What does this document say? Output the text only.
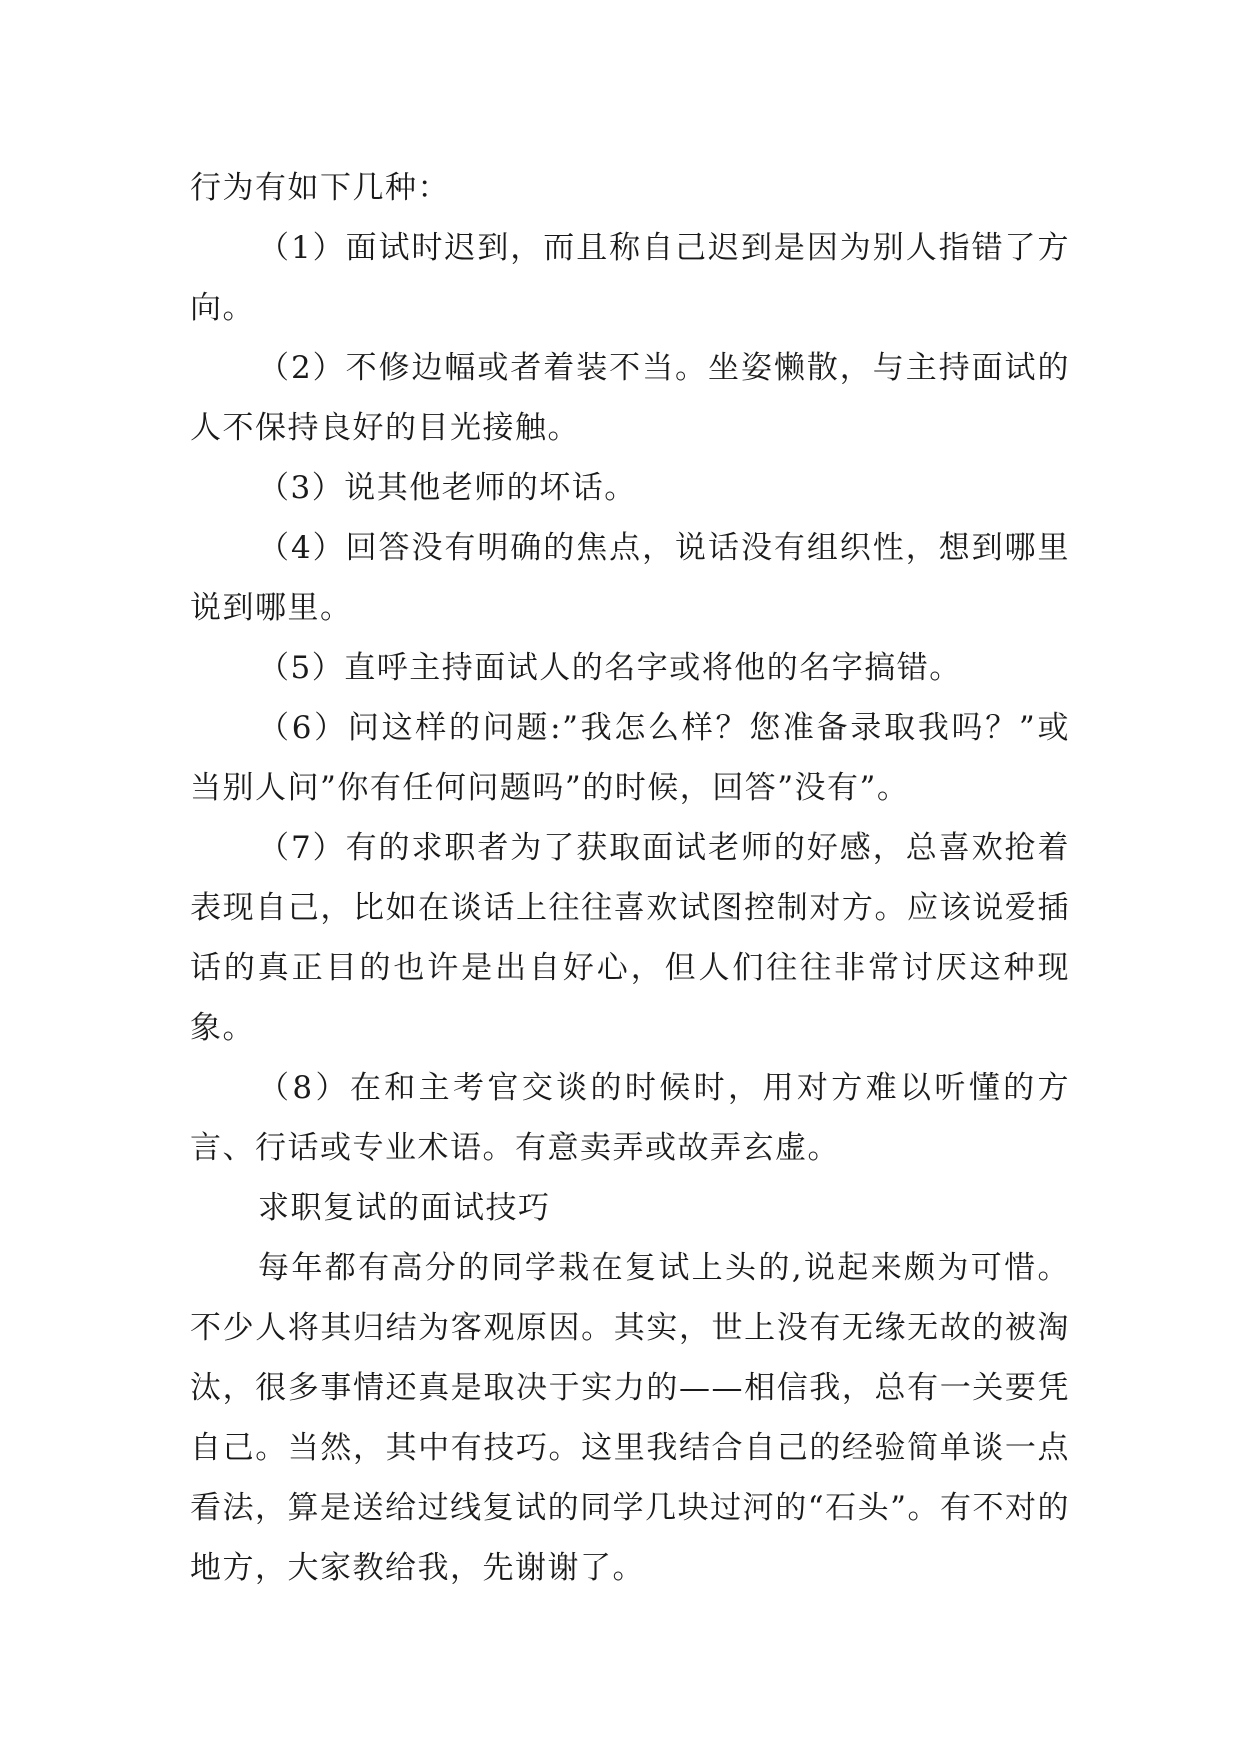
行为有如下几种：

（1）面试时迟到，而且称自己迟到是因为别人指错了方向。

（2）不修边幅或者着装不当。坐姿懒散，与主持面试的人不保持良好的目光接触。

（3）说其他老师的坏话。

（4）回答没有明确的焦点，说话没有组织性，想到哪里说到哪里。

（5）直呼主持面试人的名字或将他的名字搞错。

（6）问这样的问题:”我怎么样？您准备录取我吗？”或当别人问”你有任何问题吗”的时候，回答”没有”。

（7）有的求职者为了获取面试老师的好感，总喜欢抢着表现自己，比如在谈话上往往喜欢试图控制对方。应该说爱插话的真正目的也许是出自好心，但人们往往非常讨厌这种现象。

（8）在和主考官交谈的时候时，用对方难以听懂的方言、行话或专业术语。有意卖弄或故弄玄虚。

求职复试的面试技巧

每年都有高分的同学栽在复试上头的,说起来颇为可惜。不少人将其归结为客观原因。其实，世上没有无缘无故的被淘汰，很多事情还真是取决于实力的——相信我，总有一关要凭自己。当然，其中有技巧。这里我结合自己的经验简单谈一点看法，算是送给过线复试的同学几块过河的“石头”。有不对的地方，大家教给我，先谢谢了。
